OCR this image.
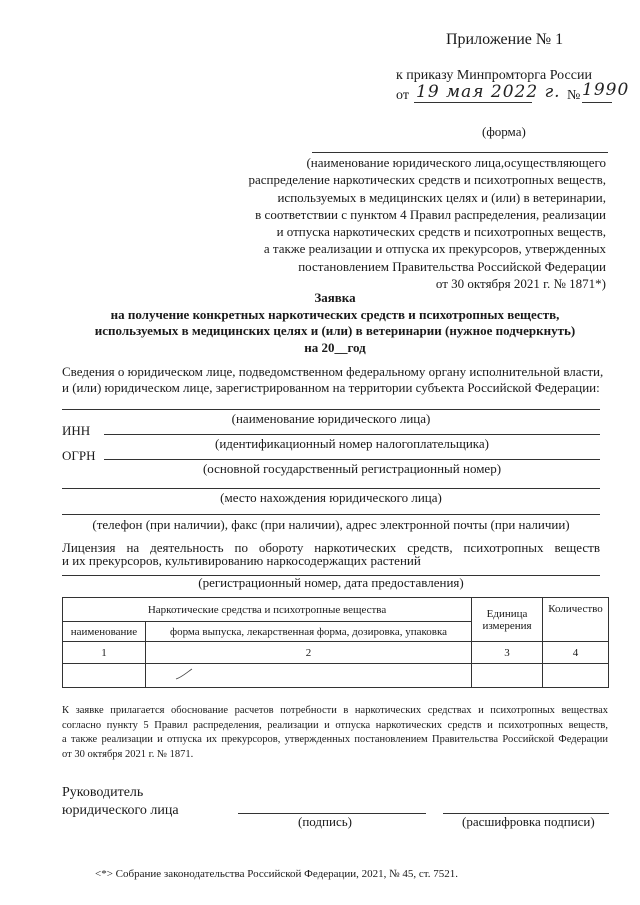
Приложение № 1
к приказу Минпромторга России
от 19 мая 2022 г. № 1990
(форма)
(наименование юридического лица,осуществляющего
распределение наркотических средств и психотропных веществ,
используемых в медицинских целях и (или) в ветеринарии,
в соответствии с пунктом 4 Правил распределения, реализации
и отпуска наркотических средств и психотропных веществ,
а также реализации и отпуска их прекурсоров, утвержденных
постановлением Правительства Российской Федерации
от 30 октября 2021 г. № 1871*)
Заявка
на получение конкретных наркотических средств и психотропных веществ,
используемых в медицинских целях и (или) в ветеринарии (нужное подчеркнуть)
на 20__год
Сведения о юридическом лице, подведомственном федеральному органу исполнительной власти,
и (или) юридическом лице, зарегистрированном на территории субъекта Российской Федерации:
(наименование юридического лица)
ИНН
(идентификационный номер налогоплательщика)
ОГРН
(основной государственный регистрационный номер)
(место нахождения юридического лица)
(телефон (при наличии), факс (при наличии), адрес электронной почты (при наличии)
Лицензия на деятельность по обороту наркотических средств, психотропных веществ
и их прекурсоров, культивированию наркосодержащих растений
(регистрационный номер, дата предоставления)
Наркотические средства и психотропные вещества		Единица измерения	Количество
наименование	форма выпуска, лекарственная форма, дозировка, упаковка		
1	2	3	4

К заявке прилагается обоснование расчетов потребности в наркотических средствах и психотропных веществах
согласно пункту 5 Правил распределения, реализации и отпуска наркотических средств и психотропных веществ,
а также реализации и отпуска их прекурсоров, утвержденных постановлением Правительства Российской Федерации
от 30 октября 2021 г. № 1871.
Руководитель
юридического лица
(подпись)	(расшифровка подписи)
<*> Собрание законодательства Российской Федерации, 2021, № 45, ст. 7521.
